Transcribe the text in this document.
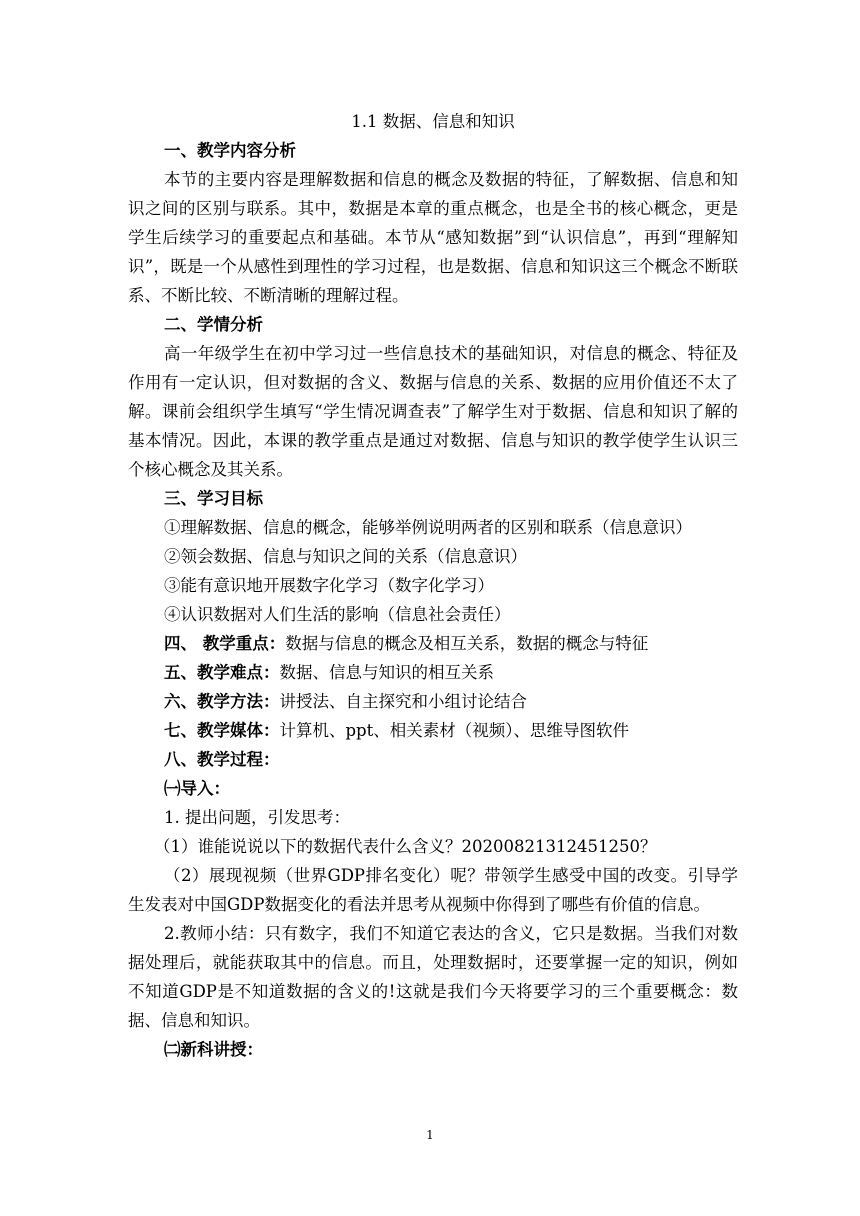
1.1 数据、信息和知识

一、教学内容分析

本节的主要内容是理解数据和信息的概念及数据的特征，了解数据、信息和知识之间的区别与联系。其中，数据是本章的重点概念，也是全书的核心概念，更是学生后续学习的重要起点和基础。本节从“感知数据”到“认识信息”，再到“理解知识”，既是一个从感性到理性的学习过程，也是数据、信息和知识这三个概念不断联系、不断比较、不断清晰的理解过程。

二、学情分析

高一年级学生在初中学习过一些信息技术的基础知识，对信息的概念、特征及作用有一定认识，但对数据的含义、数据与信息的关系、数据的应用价值还不太了解。课前会组织学生填写“学生情况调查表”了解学生对于数据、信息和知识了解的基本情况。因此，本课的教学重点是通过对数据、信息与知识的教学使学生认识三个核心概念及其关系。

三、学习目标

①理解数据、信息的概念，能够举例说明两者的区别和联系（信息意识）

②领会数据、信息与知识之间的关系（信息意识）

③能有意识地开展数字化学习（数字化学习）

④认识数据对人们生活的影响（信息社会责任）

四、 教学重点：数据与信息的概念及相互关系，数据的概念与特征

五、教学难点：数据、信息与知识的相互关系

六、教学方法：讲授法、自主探究和小组讨论结合

七、教学媒体：计算机、ppt、相关素材（视频）、思维导图软件

八、教学过程：

㈠导入：

1. 提出问题，引发思考：

（1）谁能说说以下的数据代表什么含义？20200821312451250？

（2）展现视频（世界GDP排名变化）呢？带领学生感受中国的改变。引导学生发表对中国GDP数据变化的看法并思考从视频中你得到了哪些有价值的信息。

2.教师小结：只有数字，我们不知道它表达的含义，它只是数据。当我们对数据处理后，就能获取其中的信息。而且，处理数据时，还要掌握一定的知识，例如不知道GDP是不知道数据的含义的!这就是我们今天将要学习的三个重要概念：数据、信息和知识。

㈡新科讲授：

1
